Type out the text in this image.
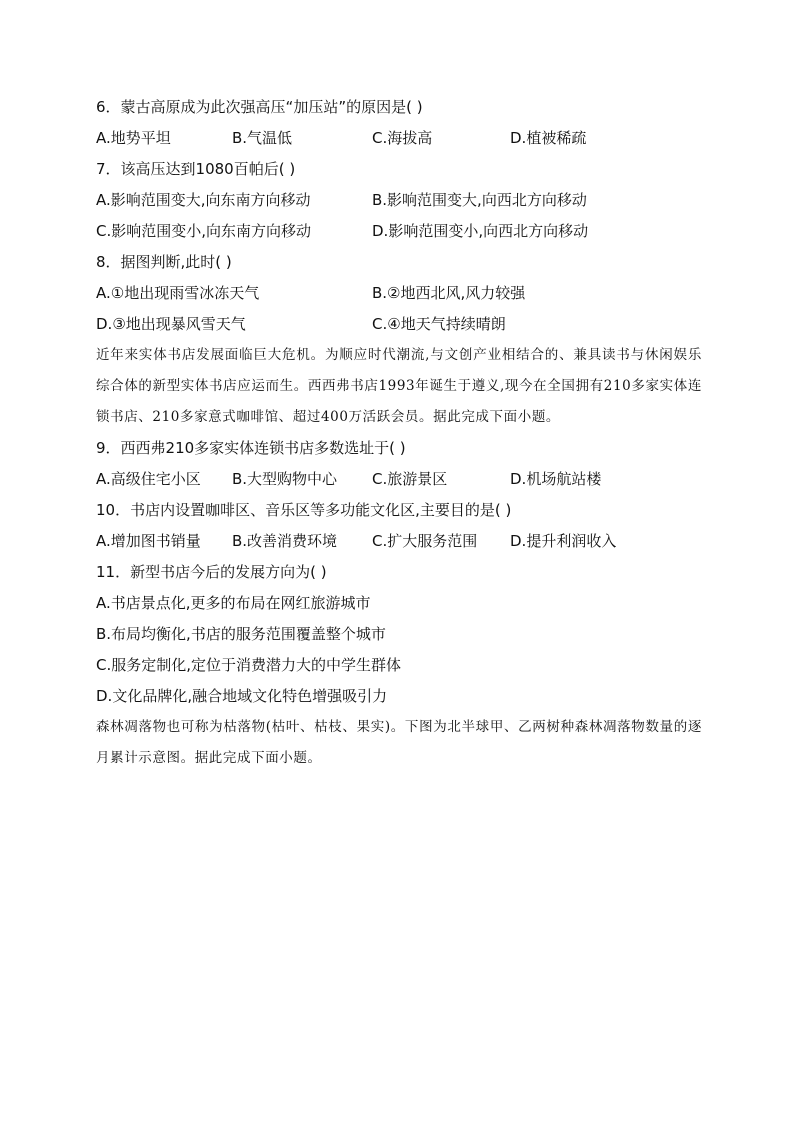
6．蒙古高原成为此次强高压“加压站”的原因是( )
A.地势平坦	B.气温低	C.海拔高	D.植被稀疏
7．该高压达到1080百帕后( )
A.影响范围变大,向东南方向移动	B.影响范围变大,向西北方向移动
C.影响范围变小,向东南方向移动	D.影响范围变小,向西北方向移动
8．据图判断,此时( )
A.①地出现雨雪冰冻天气	B.②地西北风,风力较强
D.③地出现暴风雪天气	C.④地天气持续晴朗
近年来实体书店发展面临巨大危机。为顺应时代潮流,与文创产业相结合的、兼具读书与休闲娱乐综合体的新型实体书店应运而生。西西弗书店1993年诞生于遵义,现今在全国拥有210多家实体连锁书店、210多家意式咖啡馆、超过400万活跃会员。据此完成下面小题。
9．西西弗210多家实体连锁书店多数选址于( )
A.高级住宅小区 B.大型购物中心 C.旅游景区	D.机场航站楼
10．书店内设置咖啡区、音乐区等多功能文化区,主要目的是( )
A.增加图书销量 B.改善消费环境 C.扩大服务范围 D.提升利润收入
11．新型书店今后的发展方向为( )
A.书店景点化,更多的布局在网红旅游城市
B.布局均衡化,书店的服务范围覆盖整个城市
C.服务定制化,定位于消费潜力大的中学生群体
D.文化品牌化,融合地域文化特色增强吸引力
森林凋落物也可称为枯落物(枯叶、枯枝、果实)。下图为北半球甲、乙两树种森林凋落物数量的逐月累计示意图。据此完成下面小题。
